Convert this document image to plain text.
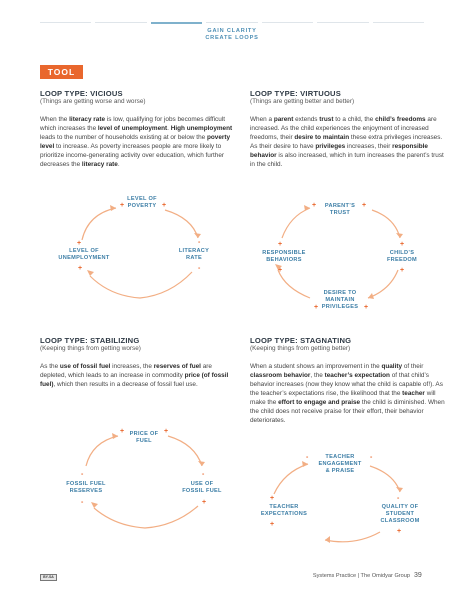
GAIN CLARITY
CREATE LOOPS
TOOL
LOOP TYPE: VICIOUS
(Things are getting worse and worse)
When the literacy rate is low, qualifying for jobs becomes difficult which increases the level of unemployment. High unemployment leads to the number of households existing at or below the poverty level to increase. As poverty increases people are more likely to prioritize income-generating activity over education, which further decreases the literacy rate.
LOOP TYPE: VIRTUOUS
(Things are getting better and better)
When a parent extends trust to a child, the child’s freedoms are increased. As the child experiences the enjoyment of increased freedoms, their desire to maintain these extra privileges increases. As their desire to have privileges increases, their responsible behavior is also increased, which in turn increases the parent’s trust in the child.
LEVEL OF
POVERTY
+	+
LITERACY
RATE
-
-
LEVEL OF
UNEMPLOYMENT
+
+
PARENT’S
TRUST
+	+
CHILD’S
FREEDOM
+
+
DESIRE TO
MAINTAIN
PRIVILEGES
+	+
RESPONSIBLE
BEHAVIORS
+
+
LOOP TYPE: STABILIZING
(Keeping things from getting worse)
As the use of fossil fuel increases, the reserves of fuel are depleted, which leads to an increase in commodity price (of fossil fuel), which then results in a decrease of fossil fuel use.
LOOP TYPE: STAGNATING
(Keeping things from getting better)
When a student shows an improvement in the quality of their classroom behavior, the teacher’s expectation of that child’s behavior increases (now they know what the child is capable of!). As the teacher’s expectations rise, the likelihood that the teacher will make the effort to engage and praise the child is diminished. When the child does not receive praise for their effort, their behavior deteriorates.
PRICE OF
FUEL
+	+
USE OF
FOSSIL FUEL
-
+
FOSSIL FUEL
RESERVES
-
-
TEACHER
ENGAGEMENT
& PRAISE
-	-
QUALITY OF
STUDENT
CLASSROOM
-
+
TEACHER
EXPECTATIONS
+
+
BY-SA	Systems Practice | The Omidyar Group 39
